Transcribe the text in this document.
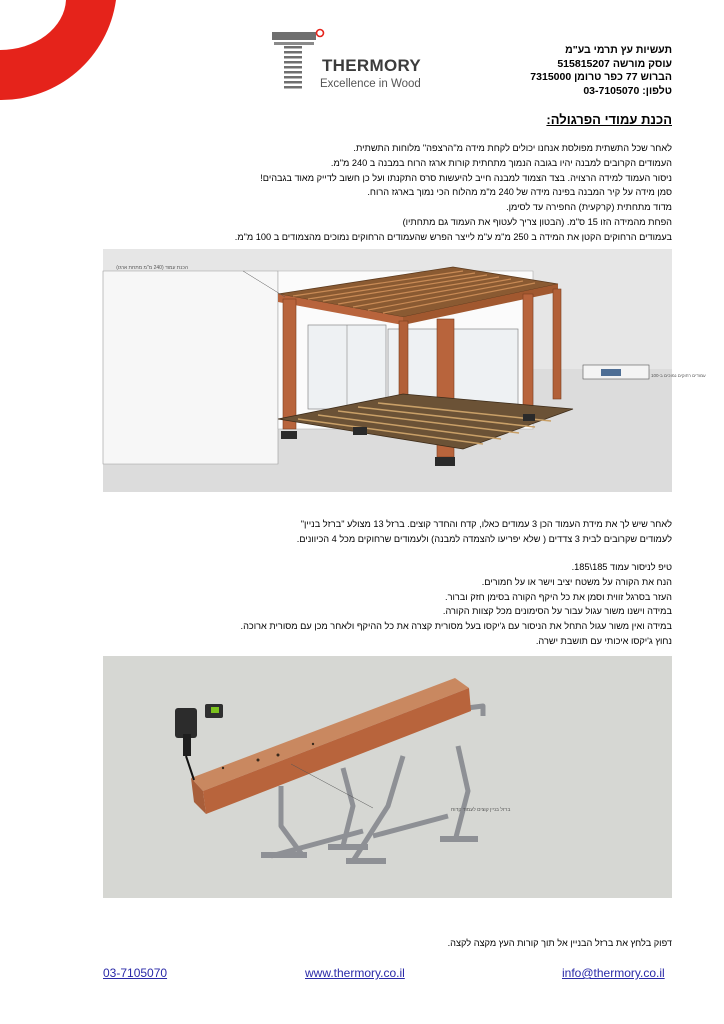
THERMORY
Excellence in Wood
תעשיות עץ תרמי בע"מ
עוסק מורשה 515815207
הברוש 77 כפר טרומן 7315000
טלפון: 03-7105070
הכנת עמודי הפרגולה:
לאחר שכל התשתית מפולסת אנחנו יכולים לקחת מידה מ"הרצפה" מלוחות התשתית.
העמודים הקרובים למבנה יהיו בגובה הנמוך מתחתית קורות ארגז הרוח במבנה ב 240 מ"מ.
ניסור העמוד למידה הרצויה. בצד הצמוד למבנה חייב להיעשות סרס התקנתו ועל כן חשוב לדייק מאוד בגבהים!
סמן מידה על קיר המבנה בפינה מידה של 240 מ"מ מהלוח הכי נמוך בארגז הרוח.
מדוד מתחתית (קרקעית) החפירה עד לסימן.
הפחת מהמידה הזו 15 ס"מ. (הבטון צריך לעטוף את העמוד גם מתחתיו)
בעמודים הרחוקים הקטן את המידה ב 250 מ"מ ע"מ לייצר הפרש שהעמודים הרחוקים נמוכים מהצמודים ב 100 מ"מ.
הכנת עמוד (240 מ"מ מתחת ארגז)
עמודים רחוקים נמוכים ב-100
לאחר שיש לך את מידת העמוד הכן 3 עמודים כאלו, קדח והחדר קוצים. ברזל 13 מצולע "ברזל בניין"
לעמודים שקרובים לבית 3 צדדים ( שלא יפריעו להצמדה למבנה) ולעמודים שרחוקים מכל 4 הכיוונים.
טיפ לניסור עמוד 185\185.
הנח את הקורה על משטח יציב וישר או על חמורים.
העזר בסרגל זווית וסמן את כל היקף הקורה בסימן חזק וברור.
במידה וישנו משור עגול עבור על הסימונים מכל קצוות הקורה.
במידה ואין משור עגול התחל את הניסור עם ג'יקסו בעל מסורית קצרה את כל ההיקף ולאחר מכן עם מסורית ארוכה.
נחוץ ג'יקסו איכותי עם תושבת ישרה.
ברזל בניין קוצים לעמוד קדוח
דפוק בלחץ את ברזל הבניין אל תוך קורות העץ מקצה לקצה.
03-7105070	www.thermory.co.il	info@thermory.co.il
